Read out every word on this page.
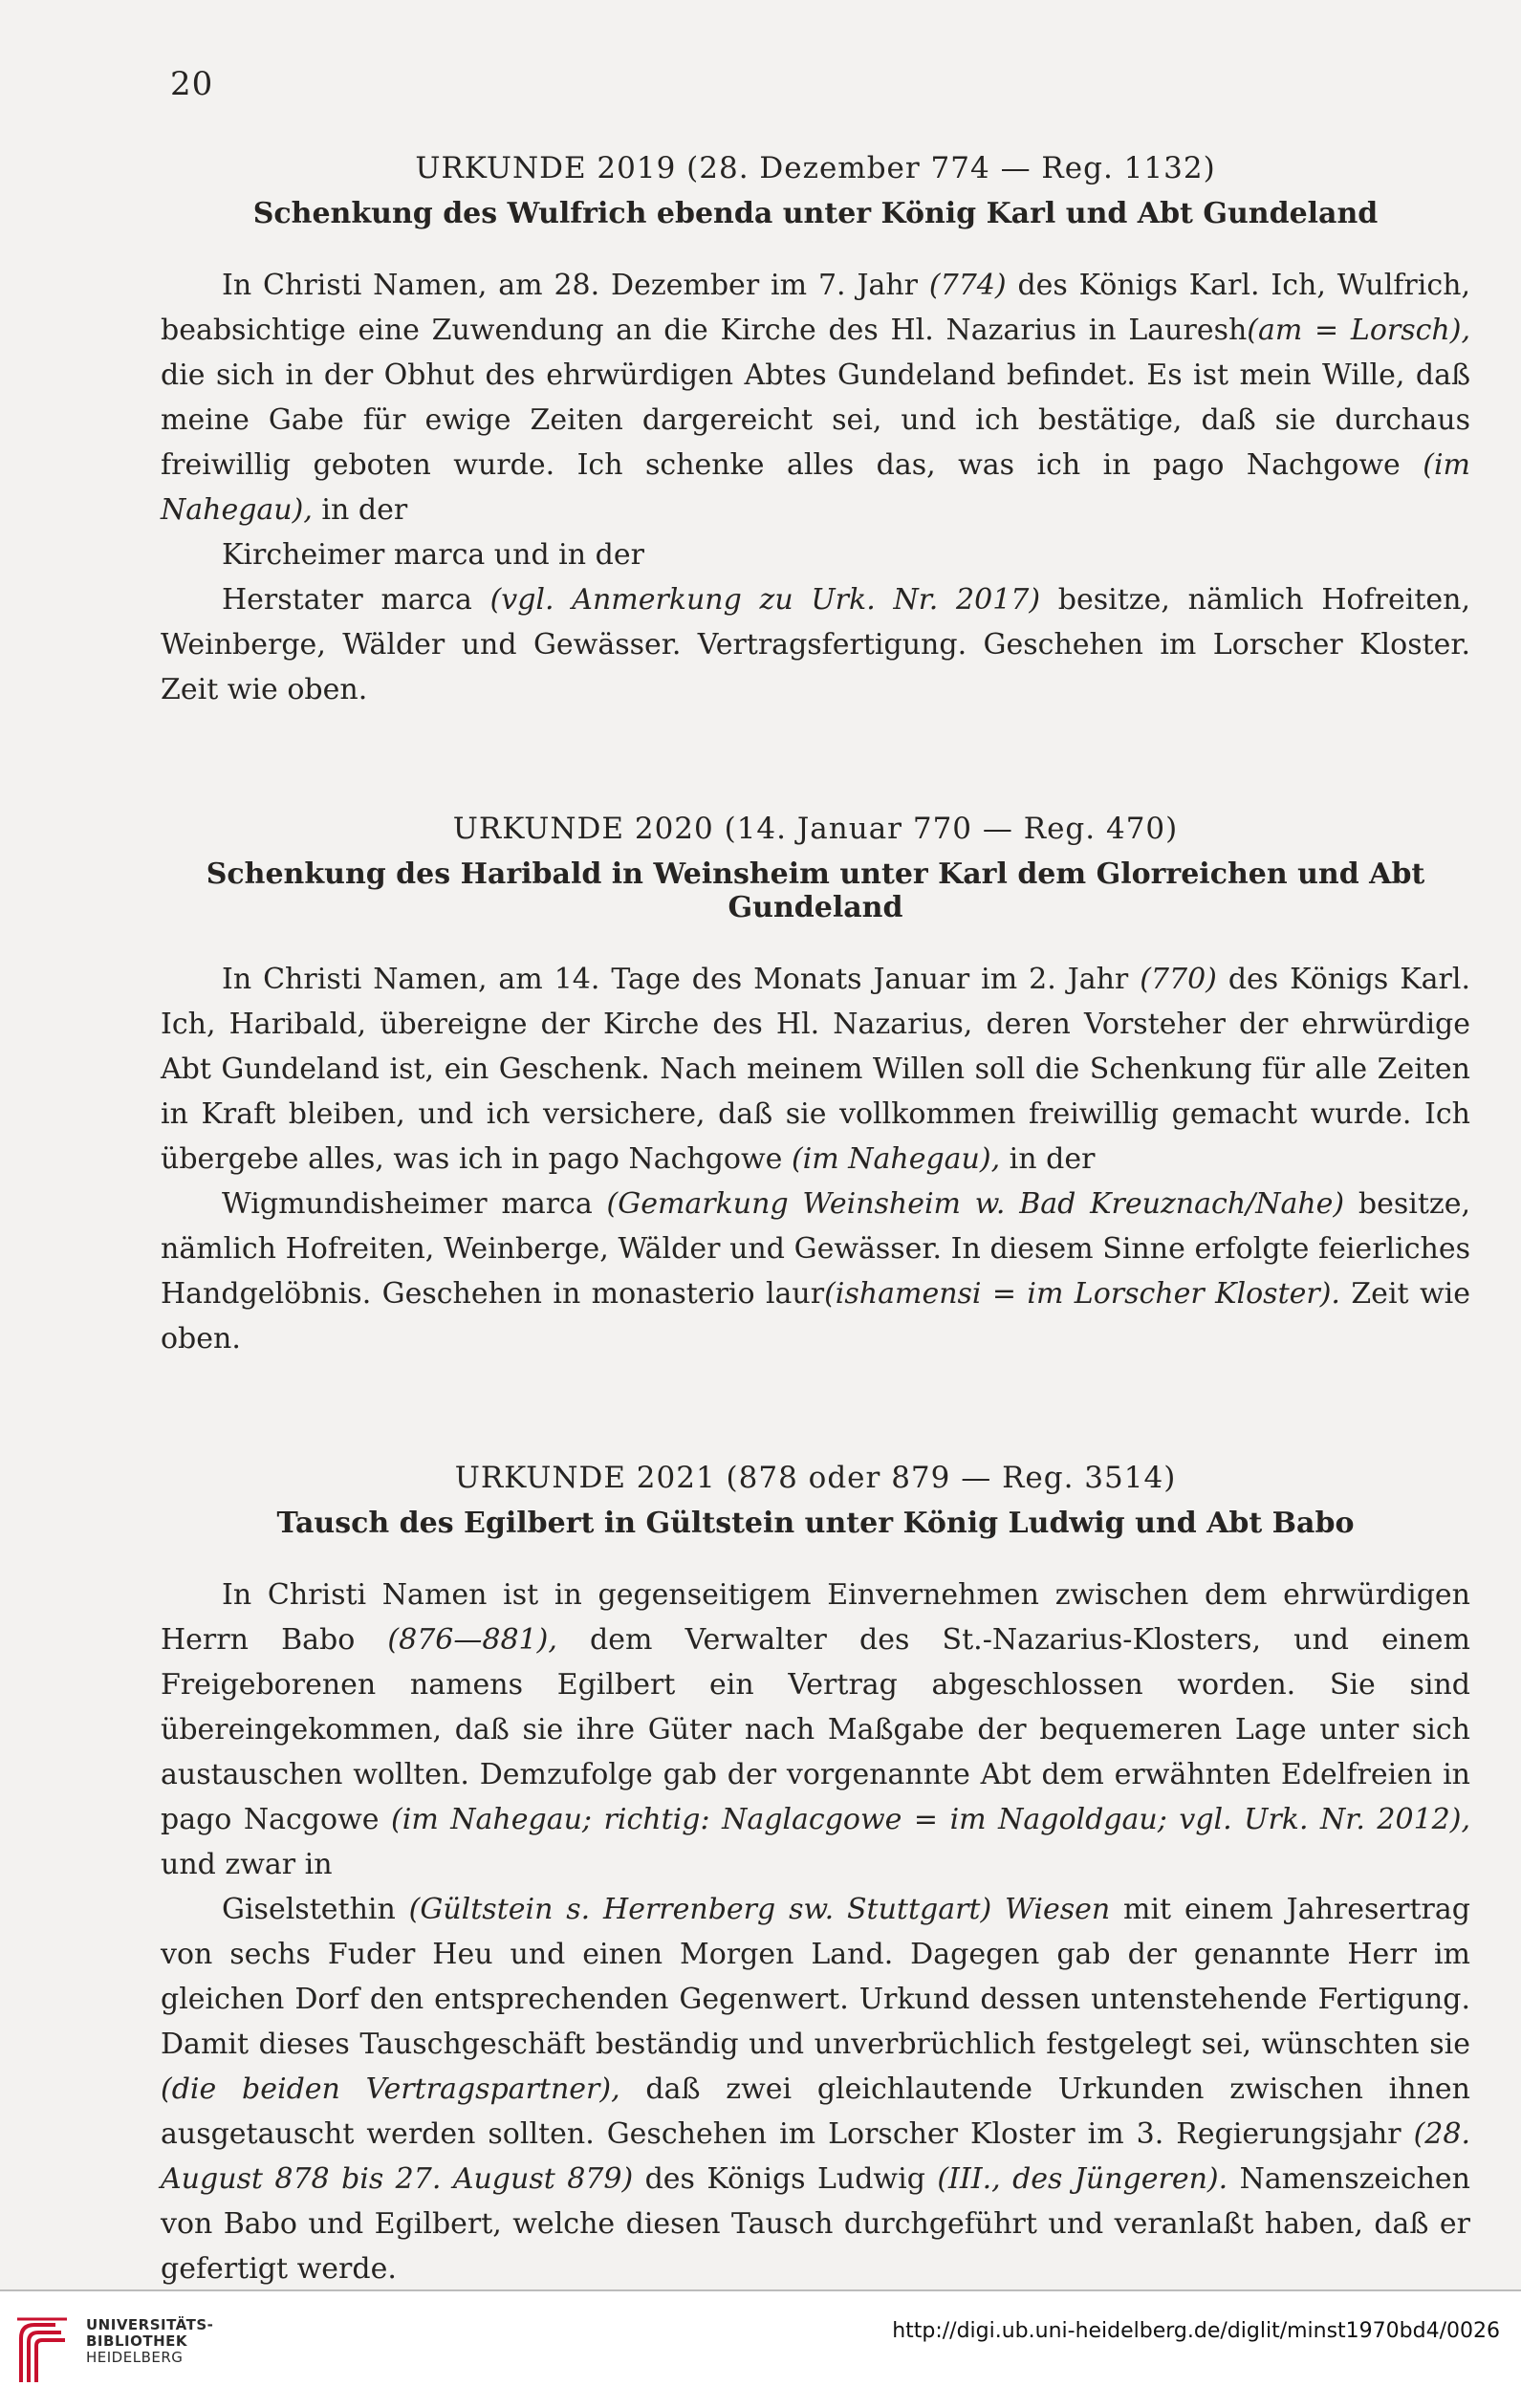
20
URKUNDE 2019 (28. Dezember 774 — Reg. 1132)
Schenkung des Wulfrich ebenda unter König Karl und Abt Gundeland

In Christi Namen, am 28. Dezember im 7. Jahr (774) des Königs Karl. Ich, Wulfrich, beabsichtige eine Zuwendung an die Kirche des Hl. Nazarius in Lauresh(am = Lorsch), die sich in der Obhut des ehrwürdigen Abtes Gundeland befindet. Es ist mein Wille, daß meine Gabe für ewige Zeiten dargereicht sei, und ich bestätige, daß sie durchaus freiwillig geboten wurde. Ich schenke alles das, was ich in pago Nachgowe (im Nahegau), in der

Kircheimer marca und in der

Herstater marca (vgl. Anmerkung zu Urk. Nr. 2017) besitze, nämlich Hofreiten, Weinberge, Wälder und Gewässer. Vertragsfertigung. Geschehen im Lorscher Kloster. Zeit wie oben.

URKUNDE 2020 (14. Januar 770 — Reg. 470)
Schenkung des Haribald in Weinsheim unter Karl dem Glorreichen und Abt Gundeland

In Christi Namen, am 14. Tage des Monats Januar im 2. Jahr (770) des Königs Karl. Ich, Haribald, übereigne der Kirche des Hl. Nazarius, deren Vorsteher der ehrwürdige Abt Gundeland ist, ein Geschenk. Nach meinem Willen soll die Schenkung für alle Zeiten in Kraft bleiben, und ich versichere, daß sie vollkommen freiwillig gemacht wurde. Ich übergebe alles, was ich in pago Nachgowe (im Nahegau), in der

Wigmundisheimer marca (Gemarkung Weinsheim w. Bad Kreuznach/Nahe) besitze, nämlich Hofreiten, Weinberge, Wälder und Gewässer. In diesem Sinne erfolgte feierliches Handgelöbnis. Geschehen in monasterio laur(ishamensi = im Lorscher Kloster). Zeit wie oben.

URKUNDE 2021 (878 oder 879 — Reg. 3514)
Tausch des Egilbert in Gültstein unter König Ludwig und Abt Babo

In Christi Namen ist in gegenseitigem Einvernehmen zwischen dem ehrwürdigen Herrn Babo (876—881), dem Verwalter des St.-Nazarius-Klosters, und einem Freigeborenen namens Egilbert ein Vertrag abgeschlossen worden. Sie sind übereingekommen, daß sie ihre Güter nach Maßgabe der bequemeren Lage unter sich austauschen wollten. Demzufolge gab der vorgenannte Abt dem erwähnten Edelfreien in pago Nacgowe (im Nahegau; richtig: Naglacgowe = im Nagoldgau; vgl. Urk. Nr. 2012), und zwar in

Giselstethin (Gültstein s. Herrenberg sw. Stuttgart) Wiesen mit einem Jahresertrag von sechs Fuder Heu und einen Morgen Land. Dagegen gab der genannte Herr im gleichen Dorf den entsprechenden Gegenwert. Urkund dessen untenstehende Fertigung. Damit dieses Tauschgeschäft beständig und unverbrüchlich festgelegt sei, wünschten sie (die beiden Vertragspartner), daß zwei gleichlautende Urkunden zwischen ihnen ausgetauscht werden sollten. Geschehen im Lorscher Kloster im 3. Regierungsjahr (28. August 878 bis 27. August 879) des Königs Ludwig (III., des Jüngeren). Namenszeichen von Babo und Egilbert, welche diesen Tausch durchgeführt und veranlaßt haben, daß er gefertigt werde.

UNIVERSITÄTS-
BIBLIOTHEK
HEIDELBERG
http://digi.ub.uni-heidelberg.de/diglit/minst1970bd4/0026
